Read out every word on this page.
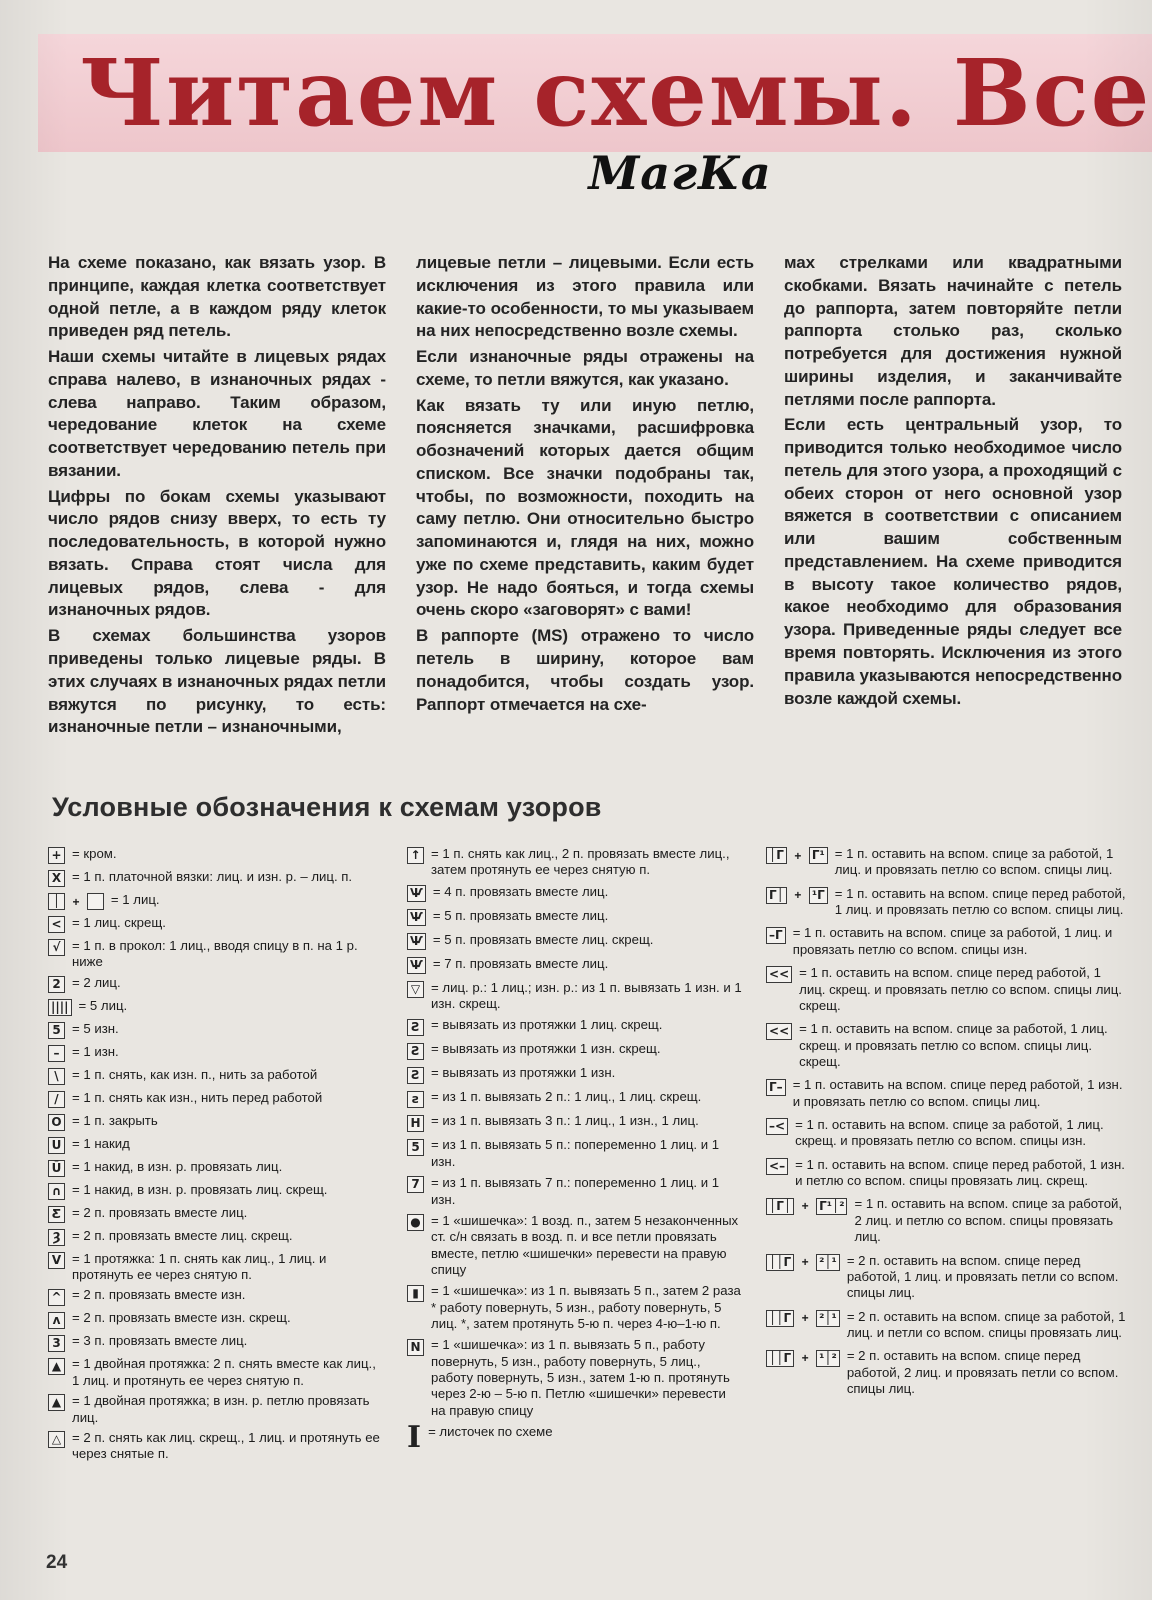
Читаем схемы. Все
МагКа

На схеме показано, как вязать узор. В принципе, каждая клетка соответствует одной петле, а в каждом ряду клеток приведен ряд петель.

Наши схемы читайте в лицевых рядах справа налево, в изнаночных рядах - слева направо. Таким образом, чередование клеток на схеме соответствует чередованию петель при вязании.

Цифры по бокам схемы указывают число рядов снизу вверх, то есть ту последовательность, в которой нужно вязать. Справа стоят числа для лицевых рядов, слева - для изнаночных рядов.

В схемах большинства узоров приведены только лицевые ряды. В этих случаях в изнаночных рядах петли вяжутся по рисунку, то есть: изнаночные петли – изнаночными,

лицевые петли – лицевыми. Если есть исключения из этого правила или какие-то особенности, то мы указываем на них непосредственно возле схемы.

Если изнаночные ряды отражены на схеме, то петли вяжутся, как указано.

Как вязать ту или иную петлю, поясняется значками, расшифровка обозначений которых дается общим списком. Все значки подобраны так, чтобы, по возможности, походить на саму петлю. Они относительно быстро запоминаются и, глядя на них, можно уже по схеме представить, каким будет узор. Не надо бояться, и тогда схемы очень скоро «заговорят» с вами!

В раппорте (MS) отражено то число петель в ширину, которое вам понадобится, чтобы создать узор. Раппорт отмечается на схе-

мах стрелками или квадратными скобками. Вязать начинайте с петель до раппорта, затем повторяйте петли раппорта столько раз, сколько потребуется для достижения нужной ширины изделия, и заканчивайте петлями после раппорта.

Если есть центральный узор, то приводится только необходимое число петель для этого узора, а проходящий с обеих сторон от него основной узор вяжется в соответствии с описанием или вашим собственным представлением. На схеме приводится в высоту такое количество рядов, какое необходимо для образования узора. Приведенные ряды следует все время повторять. Исключения из этого правила указываются непосредственно возле каждой схемы.

Условные обозначения к схемам узоров
+ = кром.
X = 1 п. платочной вязки: лиц. и изн. р. – лиц. п.
│ +	= 1 лиц.
< = 1 лиц. скрещ.
√ = 1 п. в прокол: 1 лиц., вводя спицу в п. на 1 р. ниже
2 = 2 лиц.
|||| = 5 лиц.
5 = 5 изн.
– = 1 изн.
\	= 1 п. снять, как изн. п., нить за работой
/	= 1 п. снять как изн., нить перед работой
O = 1 п. закрыть
U = 1 накид
Ū = 1 накид, в изн. р. провязать лиц.
∩ = 1 накид, в изн. р. провязать лиц. скрещ.
Ƹ = 2 п. провязать вместе лиц.
Ȝ = 2 п. провязать вместе лиц. скрещ.
V = 1 протяжка: 1 п. снять как лиц., 1 лиц. и протянуть ее через снятую п.
^ = 2 п. провязать вместе изн.
ʌ = 2 п. провязать вместе изн. скрещ.
3 = 3 п. провязать вместе лиц.
▲ = 1 двойная протяжка: 2 п. снять вместе как лиц., 1 лиц. и протянуть ее через снятую п.
▲ = 1 двойная протяжка; в изн. р. петлю провязать лиц.
△ = 2 п. снять как лиц. скрещ., 1 лиц. и протянуть ее через снятые п.
↑ = 1 п. снять как лиц., 2 п. провязать вместе лиц., затем протянуть ее через снятую п.
Ѱ = 4 п. провязать вместе лиц.
Ѱ = 5 п. провязать вместе лиц.
Ѱ = 5 п. провязать вместе лиц. скрещ.
Ѱ = 7 п. провязать вместе лиц.
▽ = лиц. р.: 1 лиц.; изн. р.: из 1 п. вывязать 1 изн. и 1 изн. скрещ.
Ƨ = вывязать из протяжки 1 лиц. скрещ.
Ƨ = вывязать из протяжки 1 изн. скрещ.
Ƨ = вывязать из протяжки 1 изн.
ƨ = из 1 п. вывязать 2 п.: 1 лиц., 1 лиц. скрещ.
H = из 1 п. вывязать 3 п.: 1 лиц., 1 изн., 1 лиц.
5 = из 1 п. вывязать 5 п.: попеременно 1 лиц. и 1 изн.
7 = из 1 п. вывязать 7 п.: попеременно 1 лиц. и 1 изн.
● = 1 «шишечка»: 1 возд. п., затем 5 незаконченных ст. с/н связать в возд. п. и все петли провязать вместе, петлю «шишечки» перевести на правую спицу
▮ = 1 «шишечка»: из 1 п. вывязать 5 п., затем 2 раза * работу повернуть, 5 изн., работу повернуть, 5 лиц. *, затем протянуть 5-ю п. через 4-ю–1-ю п.
N = 1 «шишечка»: из 1 п. вывязать 5 п., работу повернуть, 5 изн., работу повернуть, 5 лиц., работу повернуть, 5 изн., затем 1-ю п. протянуть через 2-ю – 5-ю п. Петлю «шишечки» перевести на правую спицу
I = листочек по схеме
│Г + Г¹ = 1 п. оставить на вспом. спице за работой, 1 лиц. и провязать петлю со вспом. спицы лиц.
Г│ + ¹Г = 1 п. оставить на вспом. спице перед работой, 1 лиц. и провязать петлю со вспом. спицы лиц.
–Г = 1 п. оставить на вспом. спице за работой, 1 лиц. и провязать петлю со вспом. спицы изн.
<< = 1 п. оставить на вспом. спице перед работой, 1 лиц. скрещ. и провязать петлю со вспом. спицы лиц. скрещ.
<< = 1 п. оставить на вспом. спице за работой, 1 лиц. скрещ. и провязать петлю со вспом. спицы лиц. скрещ.
Г– = 1 п. оставить на вспом. спице перед работой, 1 изн. и провязать петлю со вспом. спицы лиц.
–< = 1 п. оставить на вспом. спице за работой, 1 лиц. скрещ. и провязать петлю со вспом. спицы изн.
<– = 1 п. оставить на вспом. спице перед работой, 1 изн. и петлю со вспом. спицы провязать лиц. скрещ.
│Г│ + Г¹│² = 1 п. оставить на вспом. спице за работой, 2 лиц. и петлю со вспом. спицы провязать лиц.
││Г + ²│¹ = 2 п. оставить на вспом. спице перед работой, 1 лиц. и провязать петли со вспом. спицы лиц.
││Г + ²│¹ = 2 п. оставить на вспом. спице за работой, 1 лиц. и петли со вспом. спицы провязать лиц.
││Г + ¹│² = 2 п. оставить на вспом. спице перед работой, 2 лиц. и провязать петли со вспом. спицы лиц.
24
